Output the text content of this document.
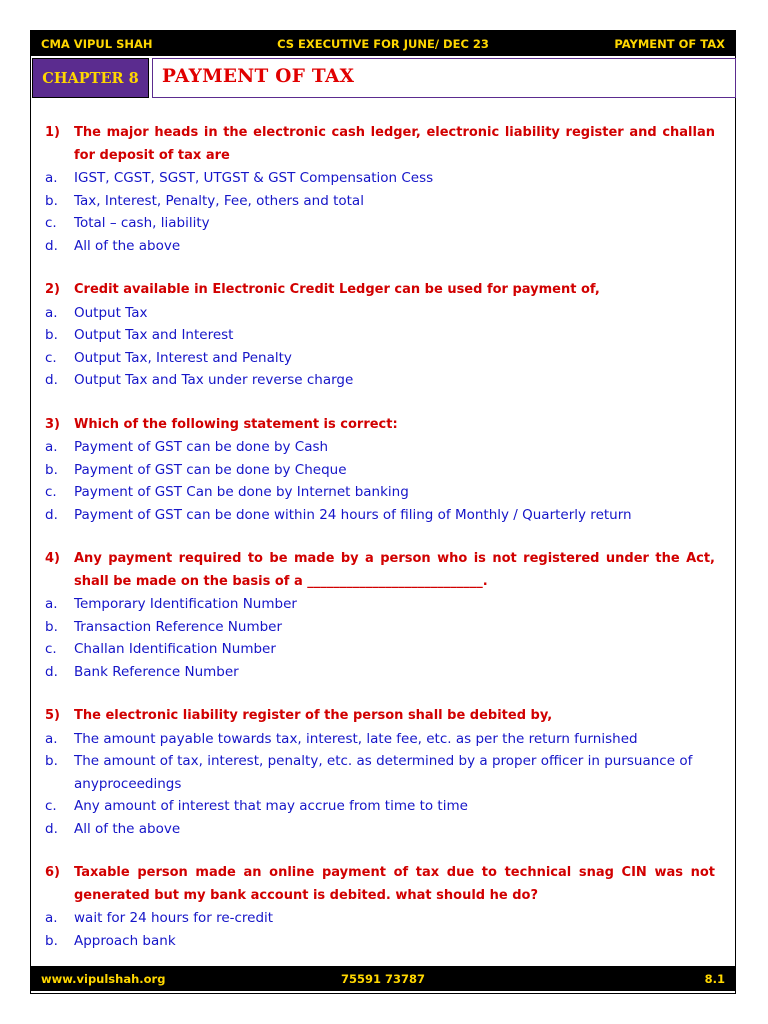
CMA VIPUL SHAH	CS EXECUTIVE FOR JUNE/ DEC 23	PAYMENT OF TAX
CHAPTER 8	PAYMENT OF TAX
1)	The major heads in the electronic cash ledger, electronic liability register and challan for deposit of tax are
a.	IGST, CGST, SGST, UTGST & GST Compensation Cess
b.	Tax, Interest, Penalty, Fee, others and total
c.	Total – cash, liability
d.	All of the above
2)	Credit available in Electronic Credit Ledger can be used for payment of,
a.	Output Tax
b.	Output Tax and Interest
c.	Output Tax, Interest and Penalty
d.	Output Tax and Tax under reverse charge
3)	Which of the following statement is correct:
a.	Payment of GST can be done by Cash
b.	Payment of GST can be done by Cheque
c.	Payment of GST Can be done by Internet banking
d.	Payment of GST can be done within 24 hours of filing of Monthly / Quarterly return
4)	Any payment required to be made by a person who is not registered under the Act, shall be made on the basis of a ___________________________.
a.	Temporary Identification Number
b.	Transaction Reference Number
c.	Challan Identification Number
d.	Bank Reference Number
5)	The electronic liability register of the person shall be debited by,
a.	The amount payable towards tax, interest, late fee, etc. as per the return furnished
b.	The amount of tax, interest, penalty, etc. as determined by a proper officer in pursuance of anyproceedings
c.	Any amount of interest that may accrue from time to time
d.	All of the above
6)	Taxable person made an online payment of tax due to technical snag CIN was not generated but my bank account is debited. what should he do?
a.	wait for 24 hours for re-credit
b.	Approach bank
www.vipulshah.org	75591 73787	8.1
